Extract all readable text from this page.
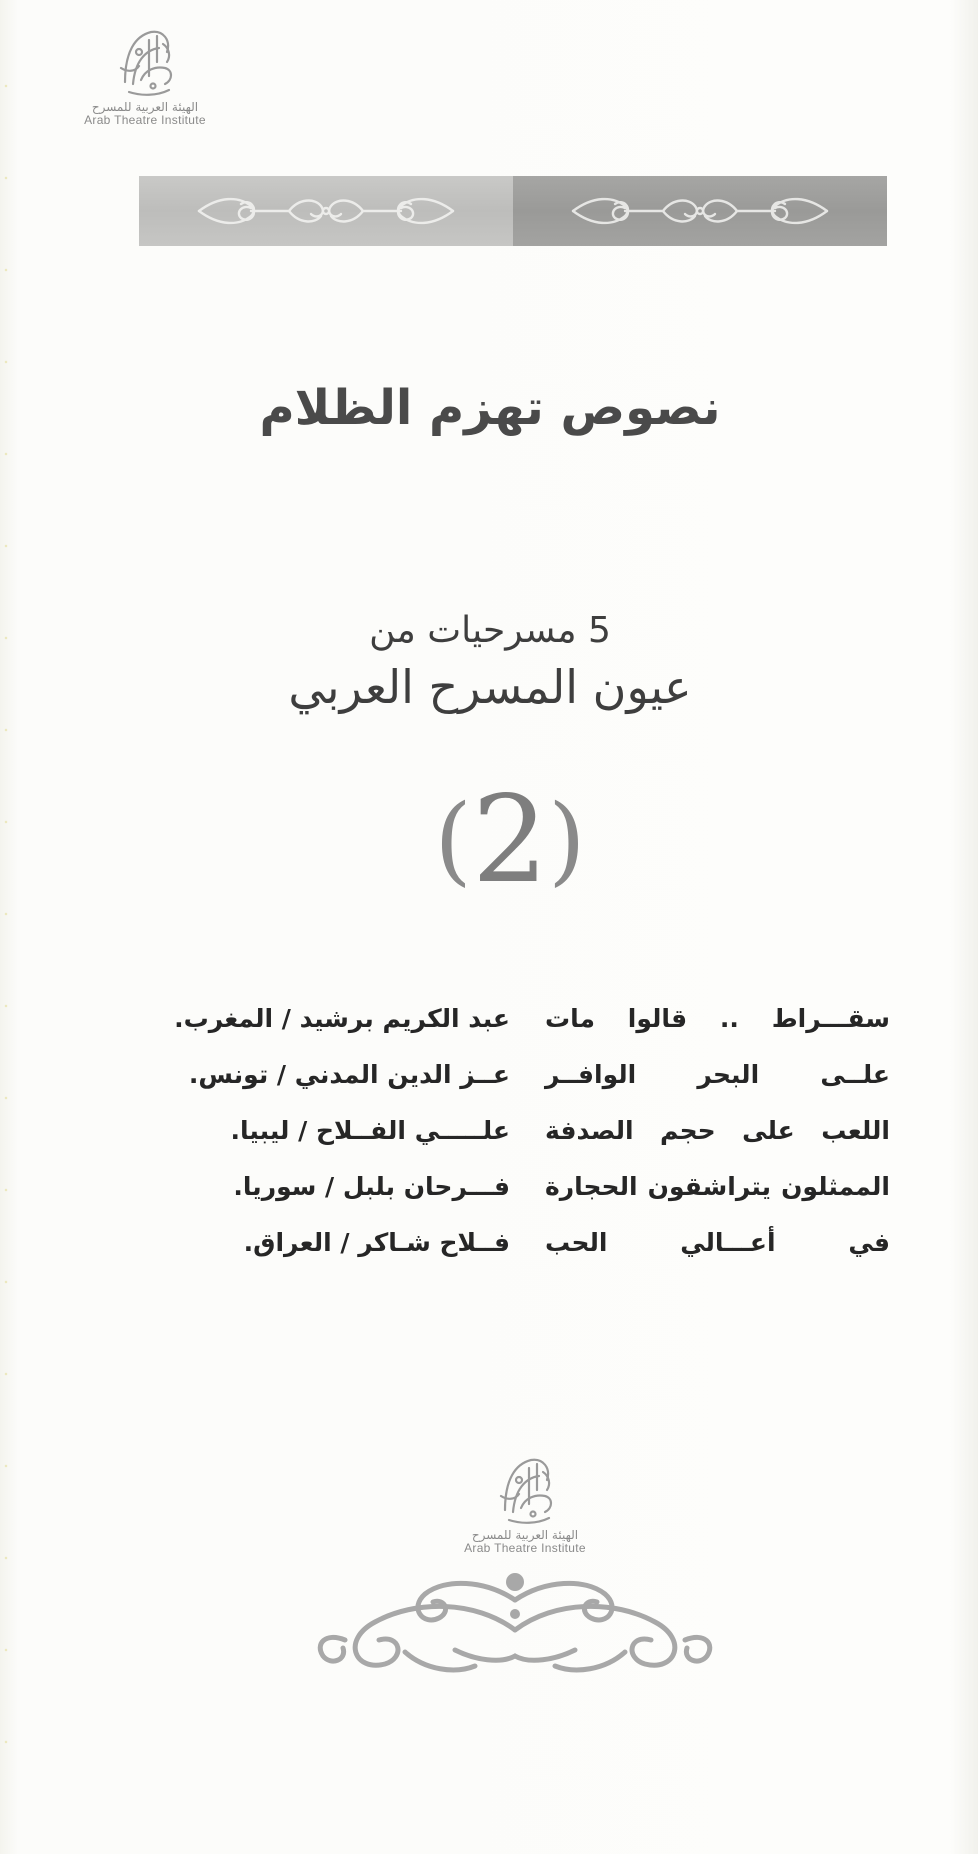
الهيئة العربية للمسرح
Arab Theatre Institute
نصوص تهزم الظلام
5 مسرحيات من
عيون المسرح العربي
(2)
سقـــراط .. قالوا مات
عبد الكريم برشيد / المغرب.
علــى البحر الوافــر
عــز الدين المدني / تونس.
اللعب على حجم الصدفة
علـــــي الفــلاح / ليبيا.
الممثلون يتراشقون الحجارة
فـــرحان بلبل / سوريا.
في أعـــالي الحب
فــلاح شـاكر / العراق.
الهيئة العربية للمسرح
Arab Theatre Institute
